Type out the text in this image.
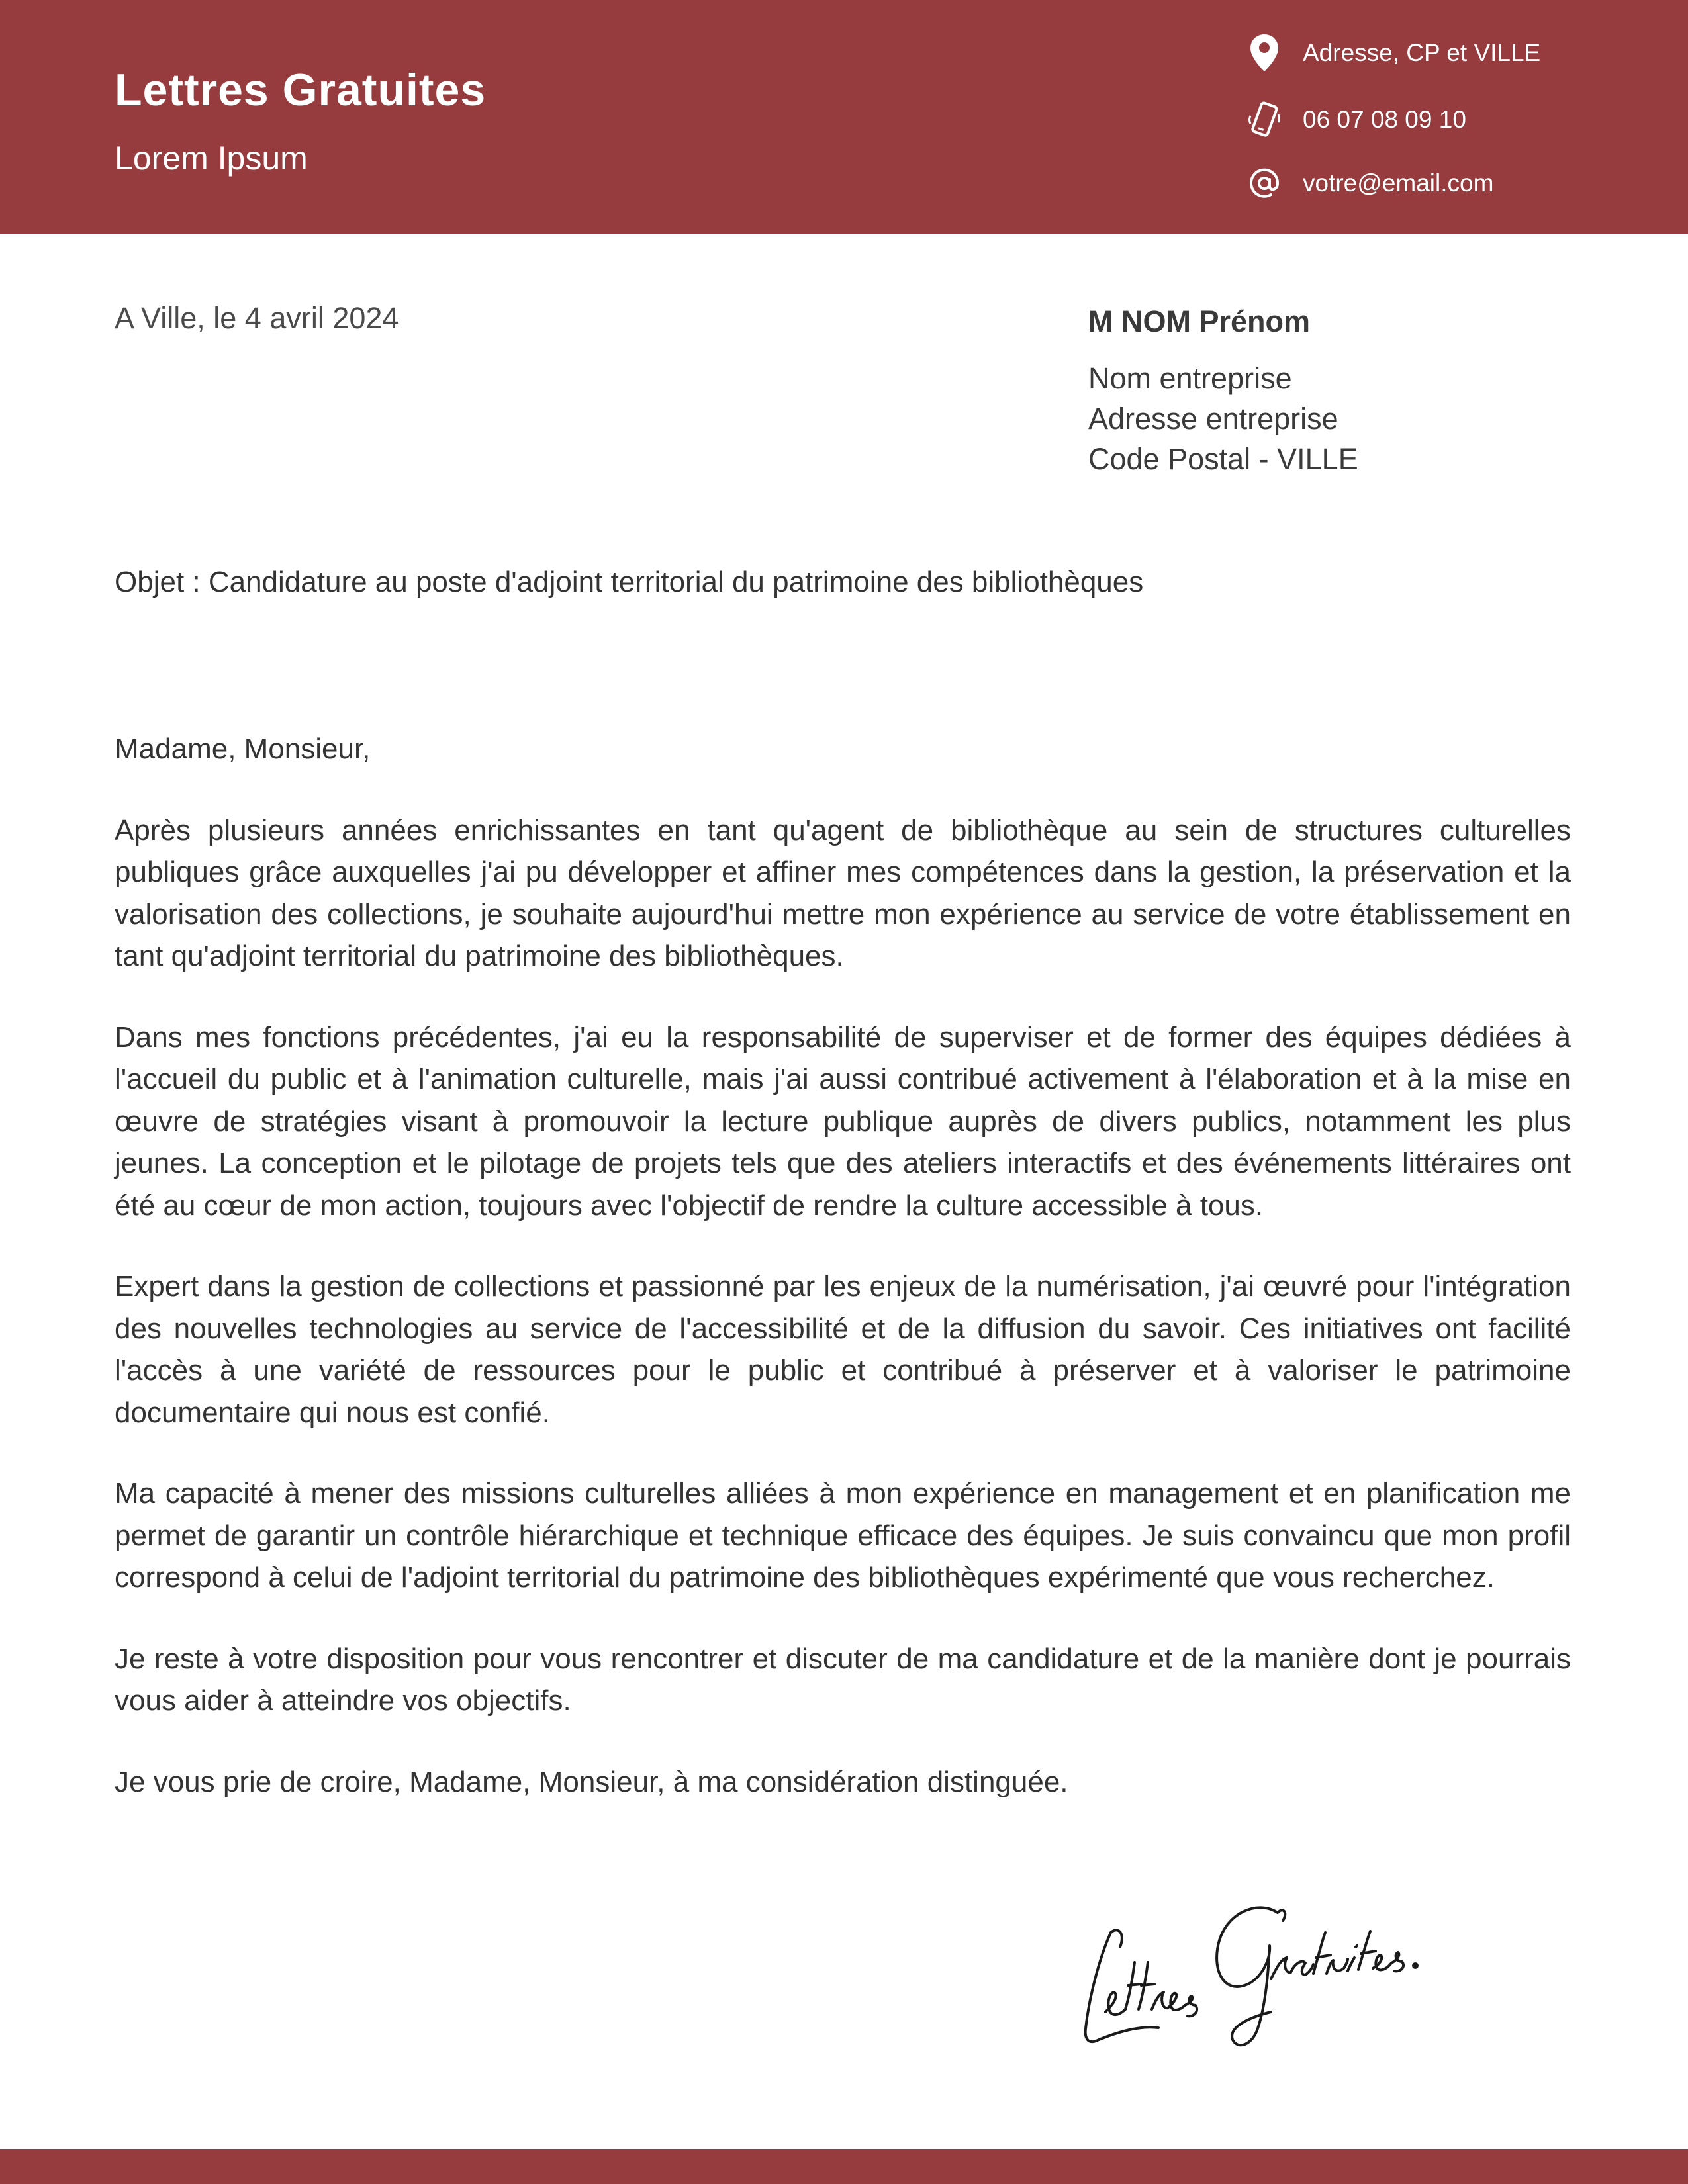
Lettres Gratuites
Lorem Ipsum
Adresse, CP et VILLE
06 07 08 09 10
votre@email.com
A Ville, le 4 avril 2024	M NOM Prénom
Nom entreprise
Adresse entreprise
Code Postal - VILLE
Objet : Candidature au poste d'adjoint territorial du patrimoine des bibliothèques

Madame, Monsieur,

Après plusieurs années enrichissantes en tant qu'agent de bibliothèque au sein de structures culturelles publiques grâce auxquelles j'ai pu développer et affiner mes compétences dans la gestion, la préservation et la valorisation des collections, je souhaite aujourd'hui mettre mon expérience au service de votre établissement en tant qu'adjoint territorial du patrimoine des bibliothèques.

Dans mes fonctions précédentes, j'ai eu la responsabilité de superviser et de former des équipes dédiées à l'accueil du public et à l'animation culturelle, mais j'ai aussi contribué activement à l'élaboration et à la mise en œuvre de stratégies visant à promouvoir la lecture publique auprès de divers publics, notamment les plus jeunes. La conception et le pilotage de projets tels que des ateliers interactifs et des événements littéraires ont été au cœur de mon action, toujours avec l'objectif de rendre la culture accessible à tous.

Expert dans la gestion de collections et passionné par les enjeux de la numérisation, j'ai œuvré pour l'intégration des nouvelles technologies au service de l'accessibilité et de la diffusion du savoir. Ces initiatives ont facilité l'accès à une variété de ressources pour le public et contribué à préserver et à valoriser le patrimoine documentaire qui nous est confié.

Ma capacité à mener des missions culturelles alliées à mon expérience en management et en planification me permet de garantir un contrôle hiérarchique et technique efficace des équipes. Je suis convaincu que mon profil correspond à celui de l'adjoint territorial du patrimoine des bibliothèques expérimenté que vous recherchez.

Je reste à votre disposition pour vous rencontrer et discuter de ma candidature et de la manière dont je pourrais vous aider à atteindre vos objectifs.

Je vous prie de croire, Madame, Monsieur, à ma considération distinguée.
